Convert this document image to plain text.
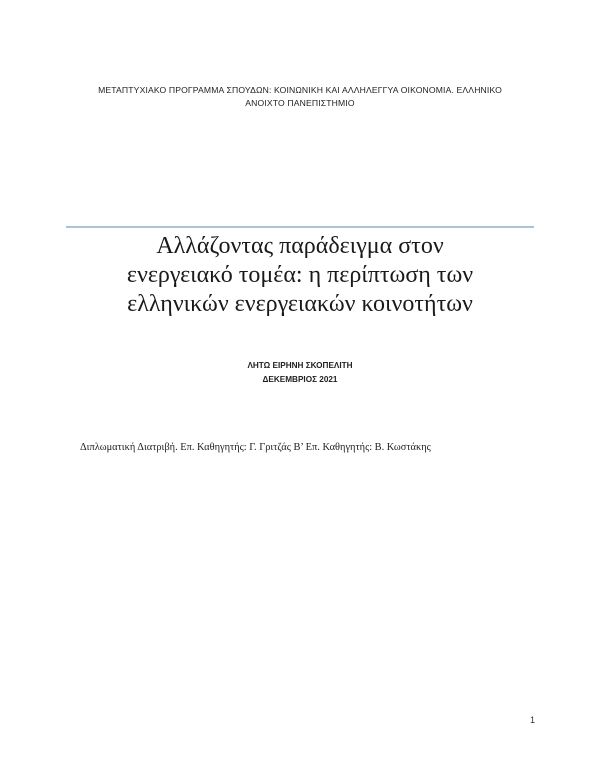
ΜΕΤΑΠΤΥΧΙΑΚΟ ΠΡΟΓΡΑΜΜΑ ΣΠΟΥΔΩΝ: ΚΟΙΝΩΝΙΚΗ ΚΑΙ ΑΛΛΗΛΕΓΓΥΑ ΟΙΚΟΝΟΜΙΑ. ΕΛΛΗΝΙΚΟ
ΑΝΟΙΧΤΟ ΠΑΝΕΠΙΣΤΗΜΙΟ
Αλλάζοντας παράδειγμα στον
ενεργειακό τομέα: η περίπτωση των
ελληνικών ενεργειακών κοινοτήτων
ΛΗΤΩ ΕΙΡΗΝΗ ΣΚΟΠΕΛΙΤΗ
ΔΕΚΕΜΒΡΙΟΣ 2021
Διπλωματική Διατριβή. Επ. Καθηγητής: Γ. Γριτζάς Β’ Επ. Καθηγητής: Β. Κωστάκης
1
